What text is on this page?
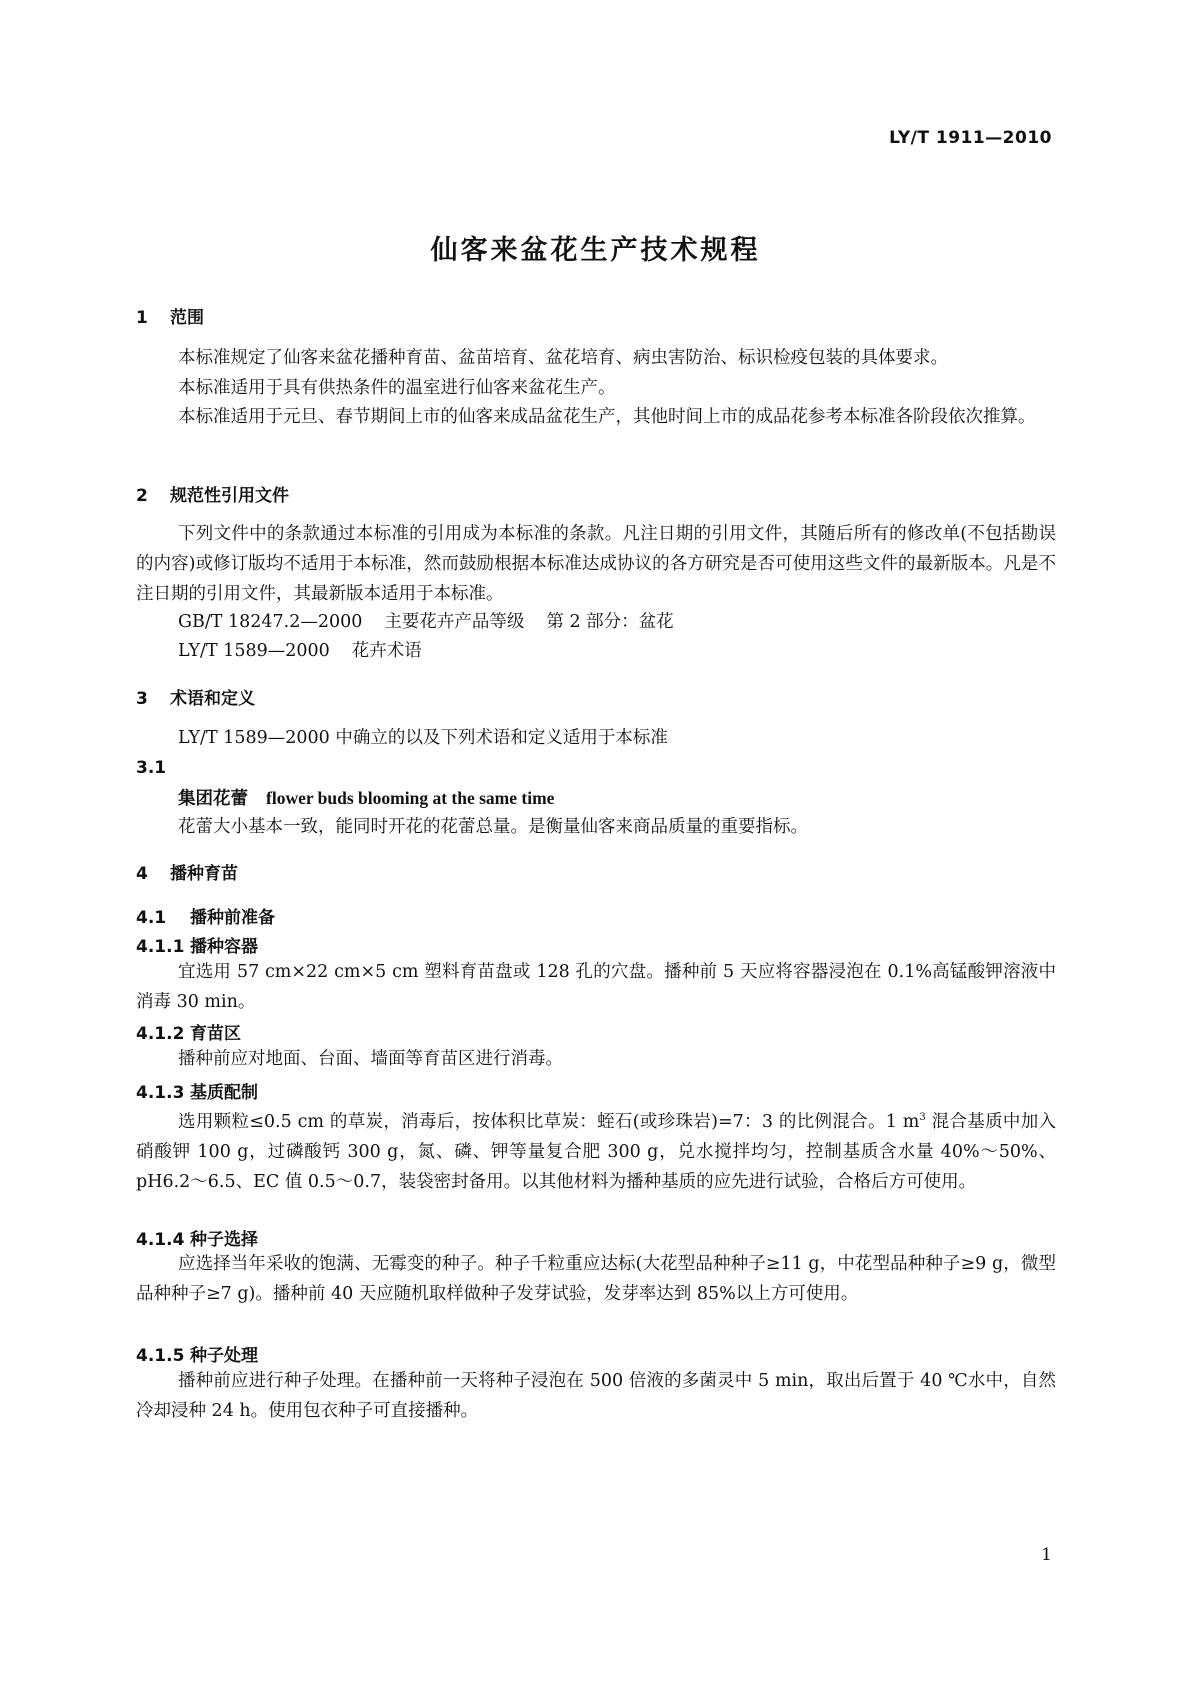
LY/T 1911—2010
仙客来盆花生产技术规程
1 范围

本标准规定了仙客来盆花播种育苗、盆苗培育、盆花培育、病虫害防治、标识检疫包装的具体要求。

本标准适用于具有供热条件的温室进行仙客来盆花生产。

本标准适用于元旦、春节期间上市的仙客来成品盆花生产，其他时间上市的成品花参考本标准各阶段依次推算。

2 规范性引用文件

下列文件中的条款通过本标准的引用成为本标准的条款。凡注日期的引用文件，其随后所有的修改单(不包括勘误的内容)或修订版均不适用于本标准，然而鼓励根据本标准达成协议的各方研究是否可使用这些文件的最新版本。凡是不注日期的引用文件，其最新版本适用于本标准。

GB/T 18247.2—2000 主要花卉产品等级 第 2 部分：盆花
LY/T 1589—2000 花卉术语
3 术语和定义

LY/T 1589—2000 中确立的以及下列术语和定义适用于本标准

3.1
集团花蕾 flower buds blooming at the same time

花蕾大小基本一致，能同时开花的花蕾总量。是衡量仙客来商品质量的重要指标。

4 播种育苗
4.1 播种前准备
4.1.1 播种容器

宜选用 57 cm×22 cm×5 cm 塑料育苗盘或 128 孔的穴盘。播种前 5 天应将容器浸泡在 0.1%高锰酸钾溶液中消毒 30 min。

4.1.2 育苗区

播种前应对地面、台面、墙面等育苗区进行消毒。

4.1.3 基质配制

选用颗粒≤0.5 cm 的草炭，消毒后，按体积比草炭：蛭石(或珍珠岩)=7：3 的比例混合。1 $m^3$ 混合基质中加入硝酸钾 100 g，过磷酸钙 300 g，氮、磷、钾等量复合肥 300 g，兑水搅拌均匀，控制基质含水量 40%～50%、pH6.2～6.5、EC 值 0.5～0.7，装袋密封备用。以其他材料为播种基质的应先进行试验，合格后方可使用。

4.1.4 种子选择

应选择当年采收的饱满、无霉变的种子。种子千粒重应达标(大花型品种种子≥11 g，中花型品种种子≥9 g，微型品种种子≥7 g)。播种前 40 天应随机取样做种子发芽试验，发芽率达到 85%以上方可使用。

4.1.5 种子处理

播种前应进行种子处理。在播种前一天将种子浸泡在 500 倍液的多菌灵中 5 min，取出后置于 40 ℃水中，自然冷却浸种 24 h。使用包衣种子可直接播种。

1
